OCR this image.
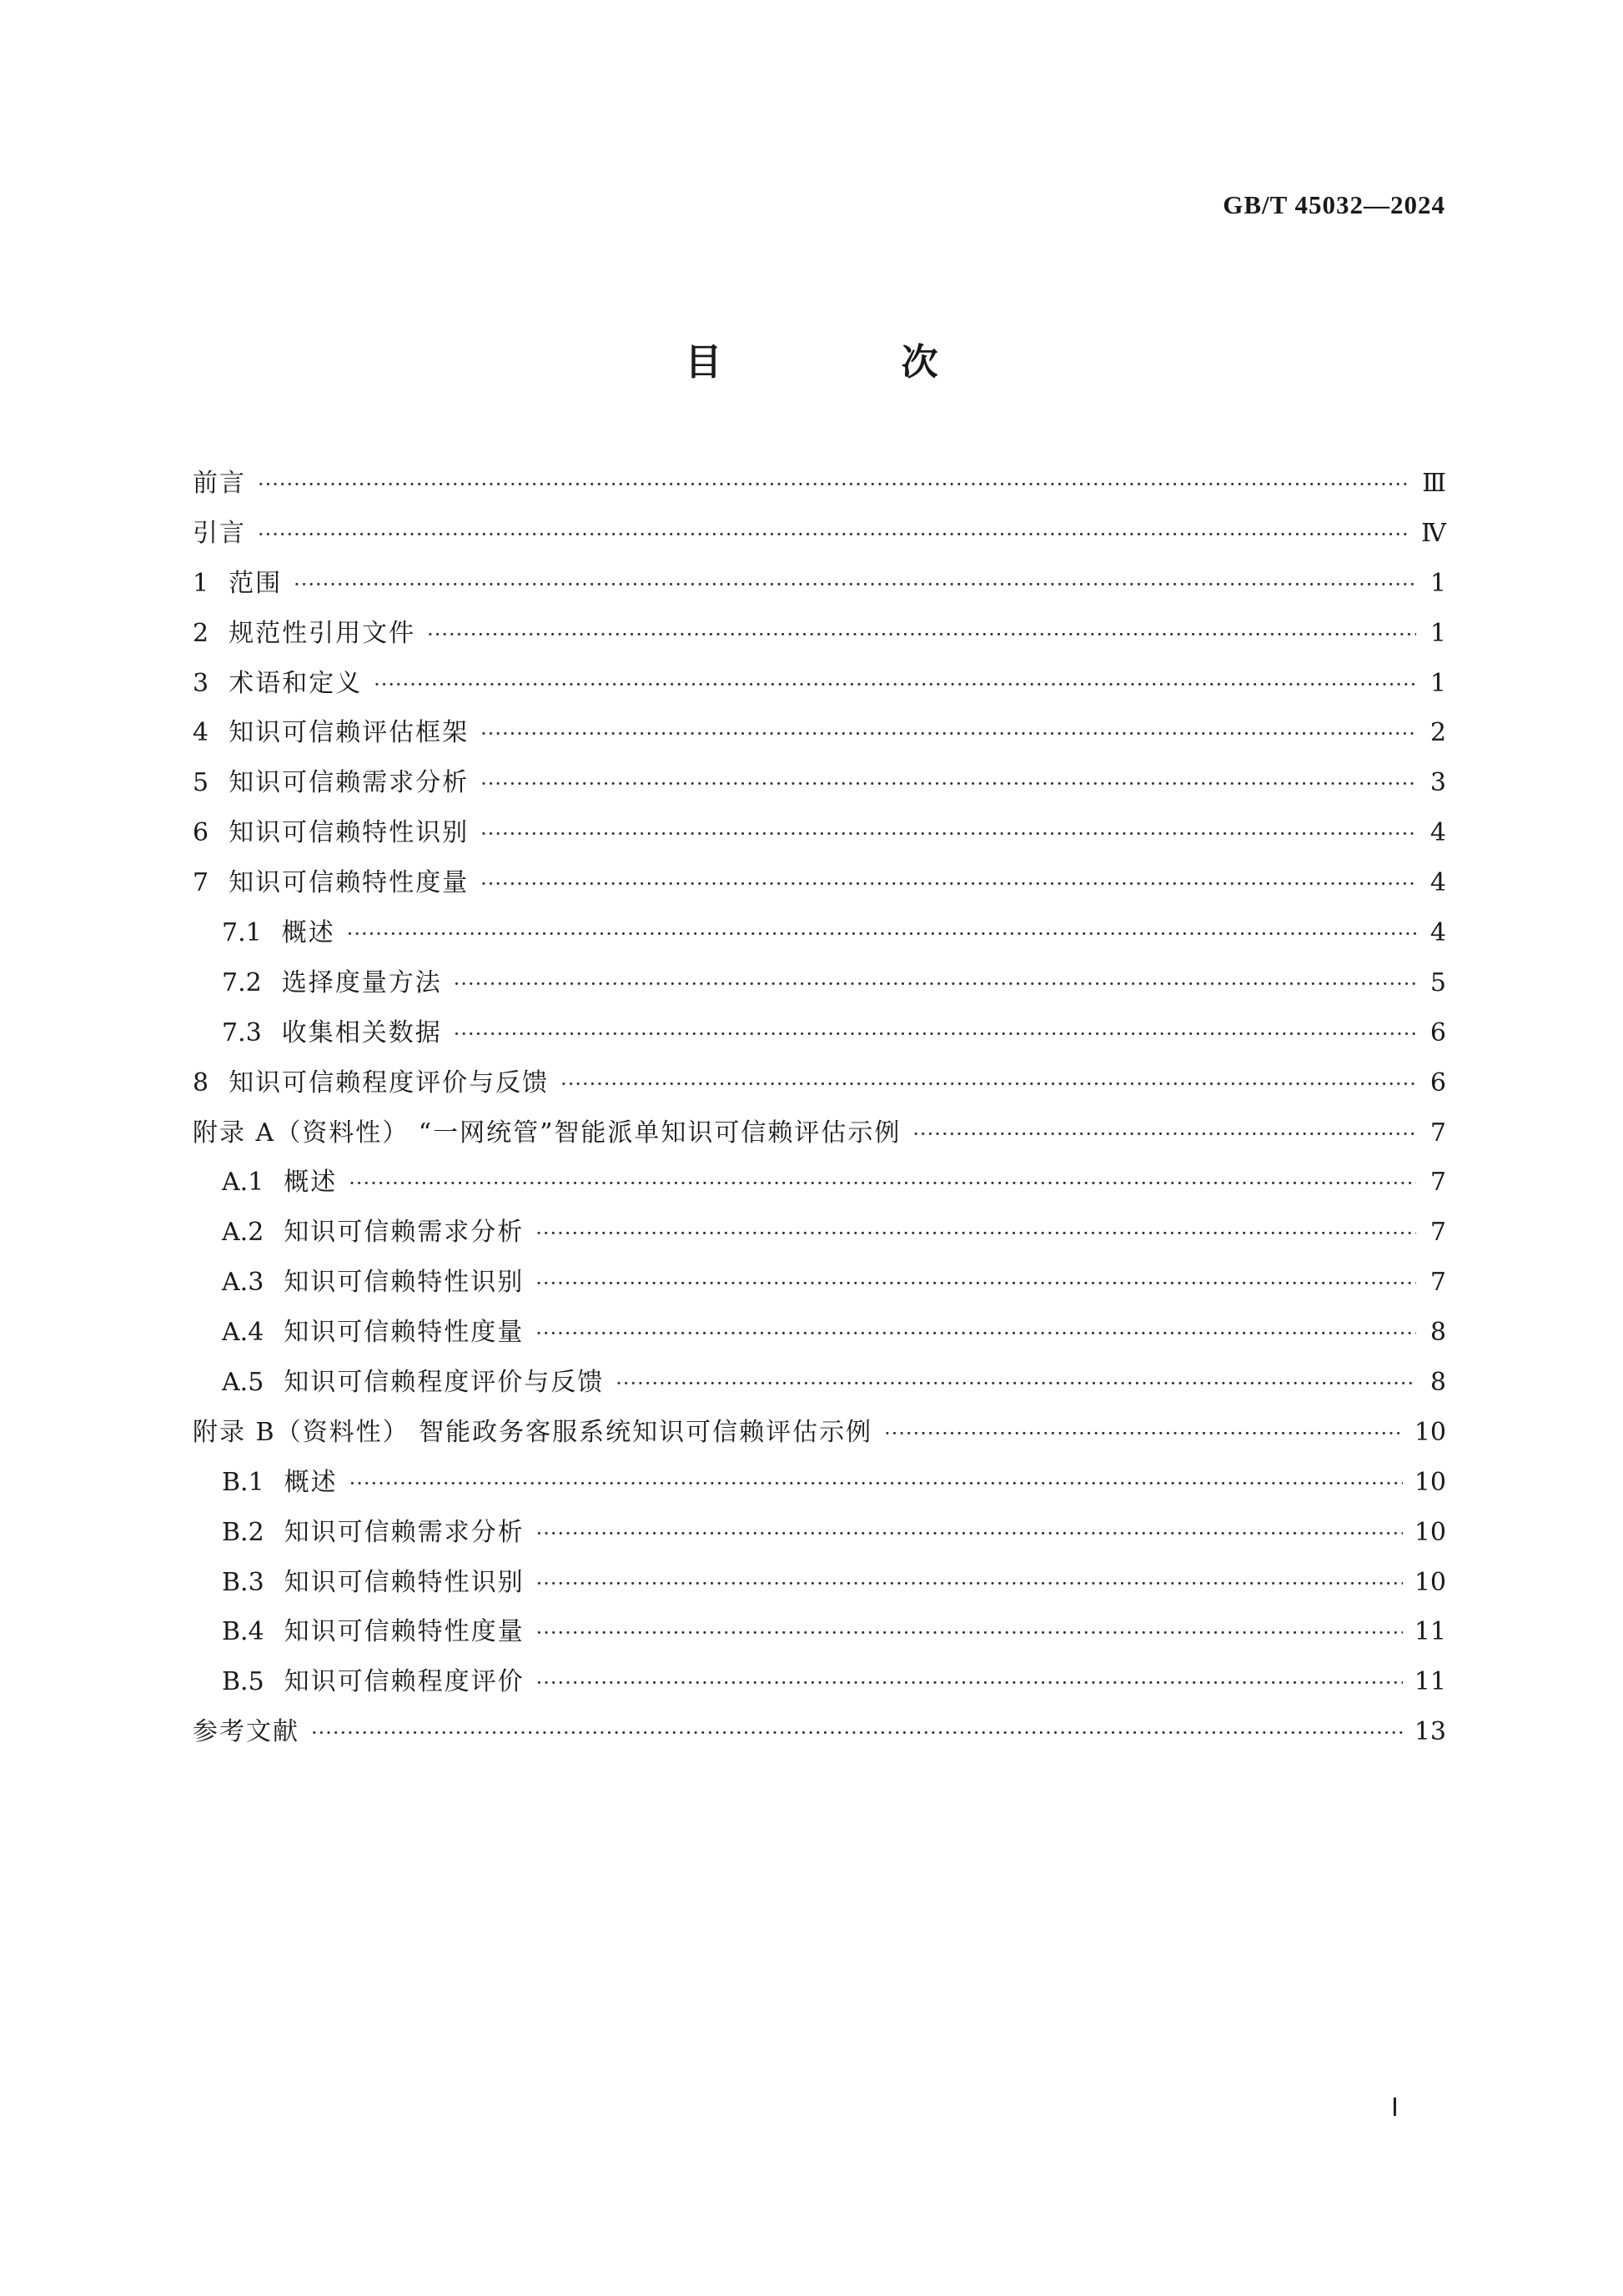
GB/T 45032—2024
目 次
前言 ·····	Ⅲ
引言 ·····	Ⅳ
1 范围 ·····	1
2 规范性引用文件 ·····	1
3 术语和定义 ·····	1
4 知识可信赖评估框架 ·····	2
5 知识可信赖需求分析 ·····	3
6 知识可信赖特性识别 ·····	4
7 知识可信赖特性度量 ·····	4
7.1 概述 ·····	4
7.2 选择度量方法 ·····	5
7.3 收集相关数据 ·····	6
8 知识可信赖程度评价与反馈 ·····	6
附录 A（资料性） “一网统管”智能派单知识可信赖评估示例 ·····	7
A.1 概述 ·····	7
A.2 知识可信赖需求分析 ·····	7
A.3 知识可信赖特性识别 ·····	7
A.4 知识可信赖特性度量 ·····	8
A.5 知识可信赖程度评价与反馈 ·····	8
附录 B（资料性） 智能政务客服系统知识可信赖评估示例 ·····	10
B.1 概述 ·····	10
B.2 知识可信赖需求分析 ·····	10
B.3 知识可信赖特性识别 ·····	10
B.4 知识可信赖特性度量 ·····	11
B.5 知识可信赖程度评价 ·····	11
参考文献 ·····	13
Ⅰ
